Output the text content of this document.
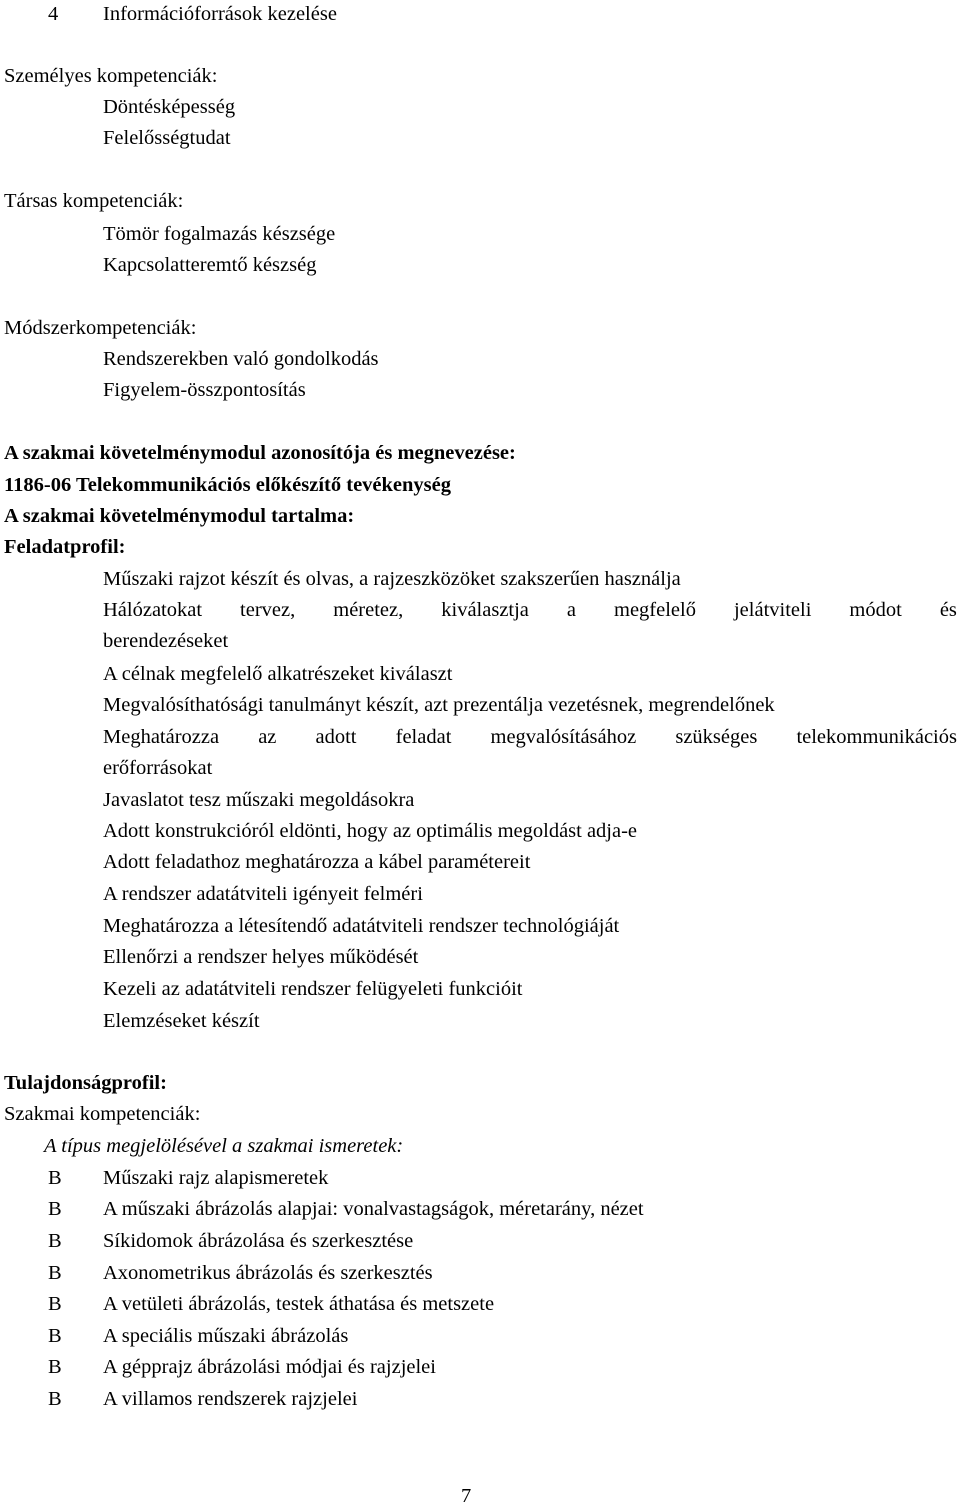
4 Információforrások kezelése
Személyes kompetenciák:
Döntésképesség
Felelősségtudat
Társas kompetenciák:
Tömör fogalmazás készsége
Kapcsolatteremtő készség
Módszerkompetenciák:
Rendszerekben való gondolkodás
Figyelem-összpontosítás
A szakmai követelménymodul azonosítója és megnevezése:
1186-06 Telekommunikációs előkészítő tevékenység
A szakmai követelménymodul tartalma:
Feladatprofil:
Műszaki rajzot készít és olvas, a rajzeszközöket szakszerűen használja
Hálózatokat tervez, méretez, kiválasztja a megfelelő jelátviteli módot és
berendezéseket
A célnak megfelelő alkatrészeket kiválaszt
Megvalósíthatósági tanulmányt készít, azt prezentálja vezetésnek, megrendelőnek
Meghatározza az adott feladat megvalósításához szükséges telekommunikációs
erőforrásokat
Javaslatot tesz műszaki megoldásokra
Adott konstrukcióról eldönti, hogy az optimális megoldást adja-e
Adott feladathoz meghatározza a kábel paramétereit
A rendszer adatátviteli igényeit felméri
Meghatározza a létesítendő adatátviteli rendszer technológiáját
Ellenőrzi a rendszer helyes működését
Kezeli az adatátviteli rendszer felügyeleti funkcióit
Elemzéseket készít
Tulajdonságprofil:
Szakmai kompetenciák:
A típus megjelölésével a szakmai ismeretek:
B Műszaki rajz alapismeretek
B A műszaki ábrázolás alapjai: vonalvastagságok, méretarány, nézet
B Síkidomok ábrázolása és szerkesztése
B Axonometrikus ábrázolás és szerkesztés
B A vetületi ábrázolás, testek áthatása és metszete
B A speciális műszaki ábrázolás
B A gépprajz ábrázolási módjai és rajzjelei
B A villamos rendszerek rajzjelei
7
